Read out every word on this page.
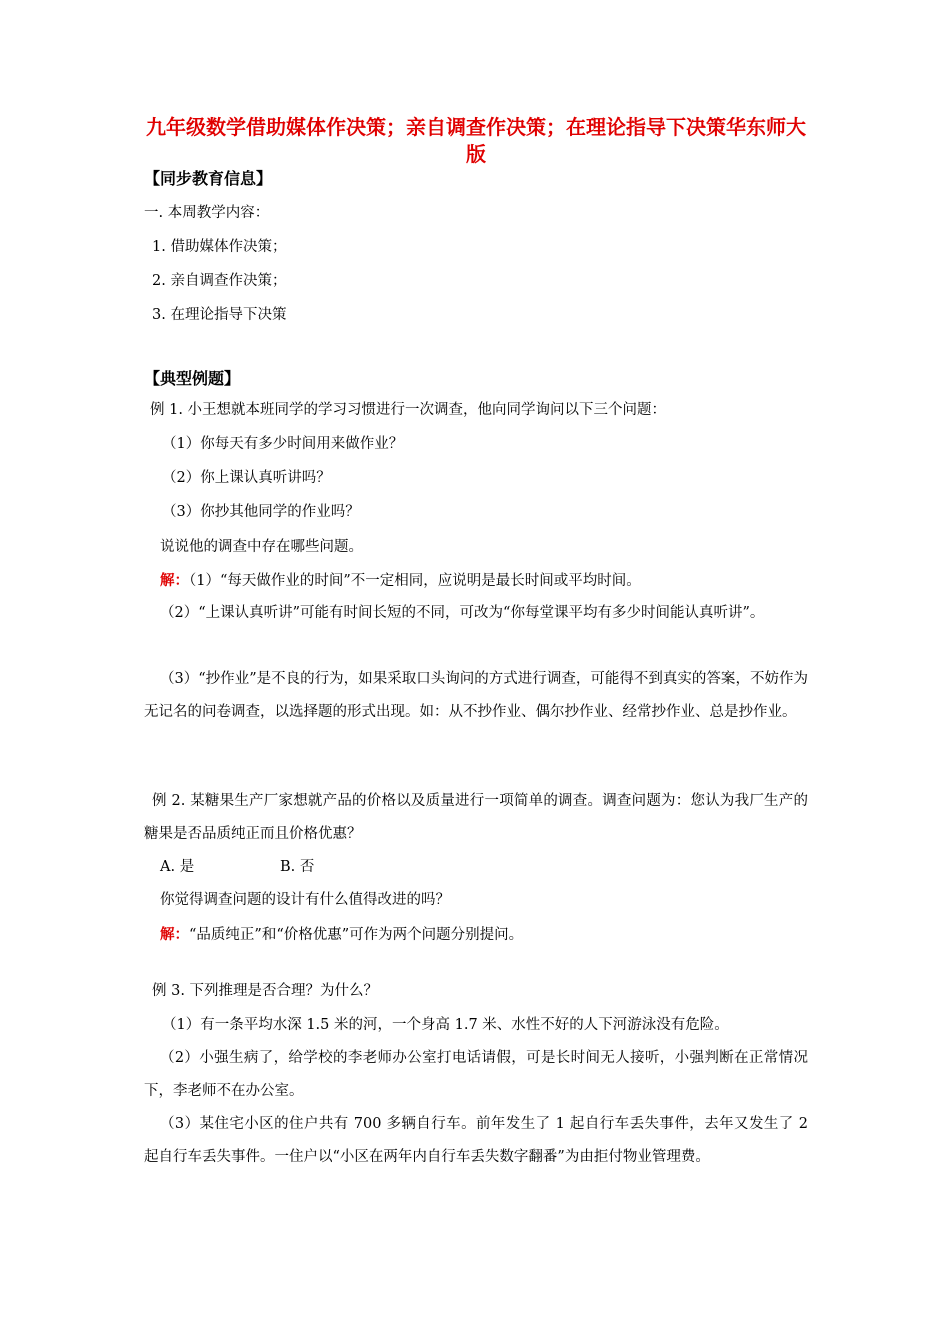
九年级数学借助媒体作决策；亲自调查作决策；在理论指导下决策华东师大版
【同步教育信息】
一. 本周教学内容：
1. 借助媒体作决策；
2. 亲自调查作决策；
3. 在理论指导下决策
【典型例题】
例 1. 小王想就本班同学的学习习惯进行一次调查，他向同学询问以下三个问题：
（1）你每天有多少时间用来做作业？
（2）你上课认真听讲吗？
（3）你抄其他同学的作业吗？
说说他的调查中存在哪些问题。
解：（1）“每天做作业的时间”不一定相同，应说明是最长时间或平均时间。
（2）“上课认真听讲”可能有时间长短的不同，可改为“你每堂课平均有多少时间能认真听讲”。
（3）“抄作业”是不良的行为，如果采取口头询问的方式进行调查，可能得不到真实的答案，不妨作为无记名的问卷调查，以选择题的形式出现。如：从不抄作业、偶尔抄作业、经常抄作业、总是抄作业。
例 2. 某糖果生产厂家想就产品的价格以及质量进行一项简单的调查。调查问题为：您认为我厂生产的糖果是否品质纯正而且价格优惠？
A. 是	B. 否
你觉得调查问题的设计有什么值得改进的吗？
解：“品质纯正”和“价格优惠”可作为两个问题分别提问。
例 3. 下列推理是否合理？为什么？
（1）有一条平均水深 1.5 米的河，一个身高 1.7 米、水性不好的人下河游泳没有危险。
（2）小强生病了，给学校的李老师办公室打电话请假，可是长时间无人接听，小强判断在正常情况下，李老师不在办公室。
（3）某住宅小区的住户共有 700 多辆自行车。前年发生了 1 起自行车丢失事件，去年又发生了 2 起自行车丢失事件。一住户以“小区在两年内自行车丢失数字翻番”为由拒付物业管理费。
